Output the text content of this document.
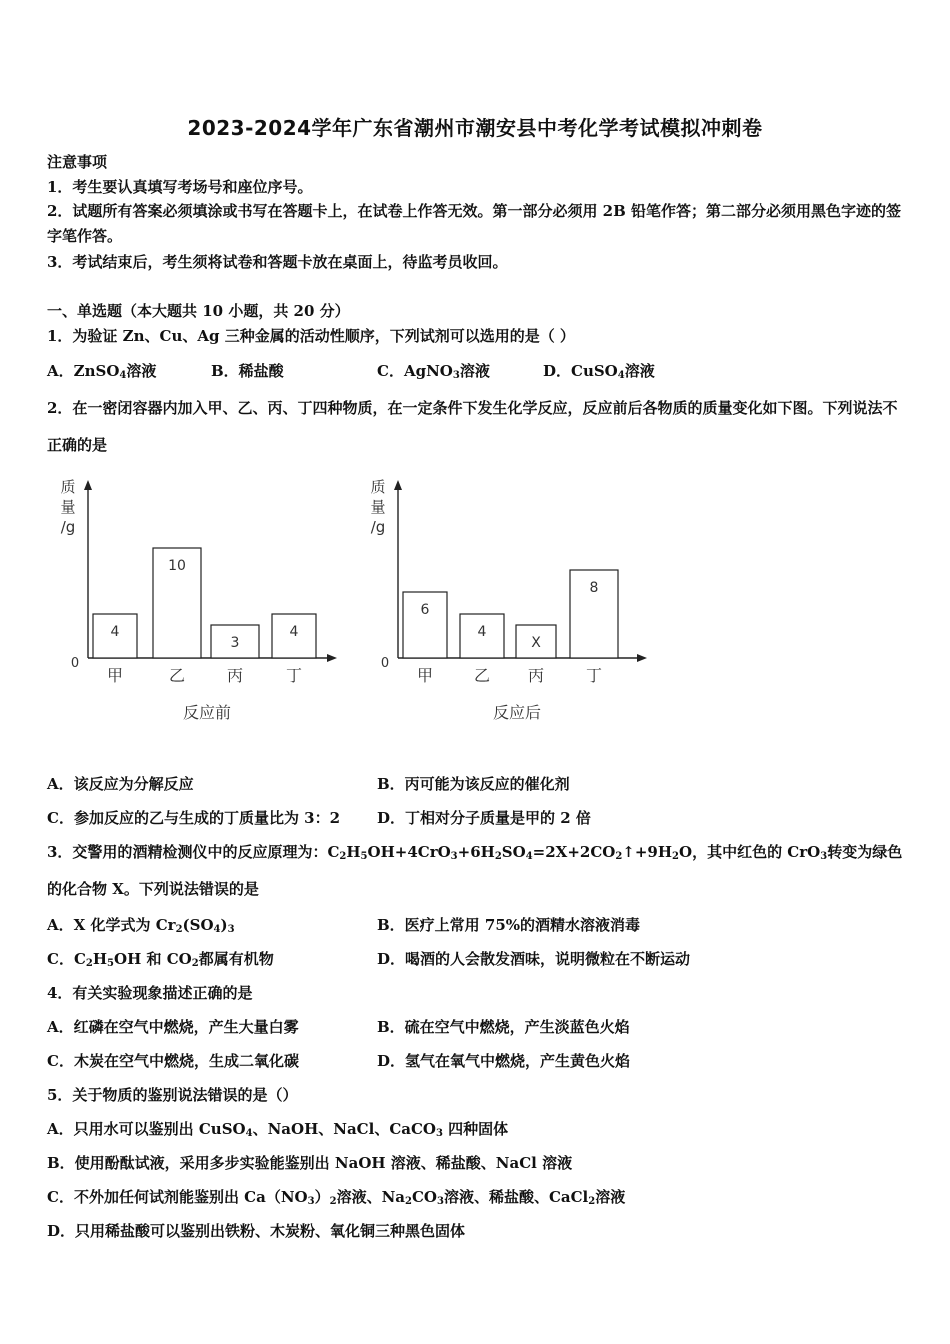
2023-2024学年广东省潮州市潮安县中考化学考试模拟冲刺卷
注意事项
1．考生要认真填写考场号和座位序号。
2．试题所有答案必须填涂或书写在答题卡上，在试卷上作答无效。第一部分必须用 2B 铅笔作答；第二部分必须用黑色字迹的签字笔作答。
3．考试结束后，考生须将试卷和答题卡放在桌面上，待监考员收回。
一、单选题（本大题共 10 小题，共 20 分）
1．为验证 Zn、Cu、Ag 三种金属的活动性顺序，下列试剂可以选用的是（ ）
A．ZnSO$_4$溶液	B．稀盐酸	C．AgNO$_3$溶液	D．CuSO$_4$溶液
2．在一密闭容器内加入甲、乙、丙、丁四种物质，在一定条件下发生化学反应，反应前后各物质的质量变化如下图。下列说法不正确的是
质
量
/g
0
4
甲
10
乙
3
丙
4
丁
反应前
质
量
/g
0
6
甲
4
乙
X
丙
8
丁
反应后
A．该反应为分解反应	B．丙可能为该反应的催化剂
C．参加反应的乙与生成的丁质量比为 3：2 D．丁相对分子质量是甲的 2 倍
3．交警用的酒精检测仪中的反应原理为：$C_2H_5OH+4CrO_3+6H_2SO_4=2X+2CO_2↑+9H_2O$，其中红色的 CrO$_3$转变为绿色
的化合物 X。下列说法错误的是
A．X 化学式为 $Cr_2(SO_4)_3$	B．医疗上常用 75%的酒精水溶液消毒
C．$C_2H_5OH$ 和 $CO_2$都属有机物	D．喝酒的人会散发酒味，说明微粒在不断运动
4．有关实验现象描述正确的是
A．红磷在空气中燃烧，产生大量白雾	B．硫在空气中燃烧，产生淡蓝色火焰
C．木炭在空气中燃烧，生成二氧化碳	D．氢气在氧气中燃烧，产生黄色火焰
5．关于物质的鉴别说法错误的是（）
A．只用水可以鉴别出 CuSO$_4$、NaOH、NaCl、CaCO$_3$ 四种固体
B．使用酚酞试液，采用多步实验能鉴别出 NaOH 溶液、稀盐酸、NaCl 溶液
C．不外加任何试剂能鉴别出 $Ca(NO_3)_2$溶液、$Na_2CO_3$溶液、稀盐酸、CaCl$_2$溶液
D．只用稀盐酸可以鉴别出铁粉、木炭粉、氧化铜三种黑色固体
